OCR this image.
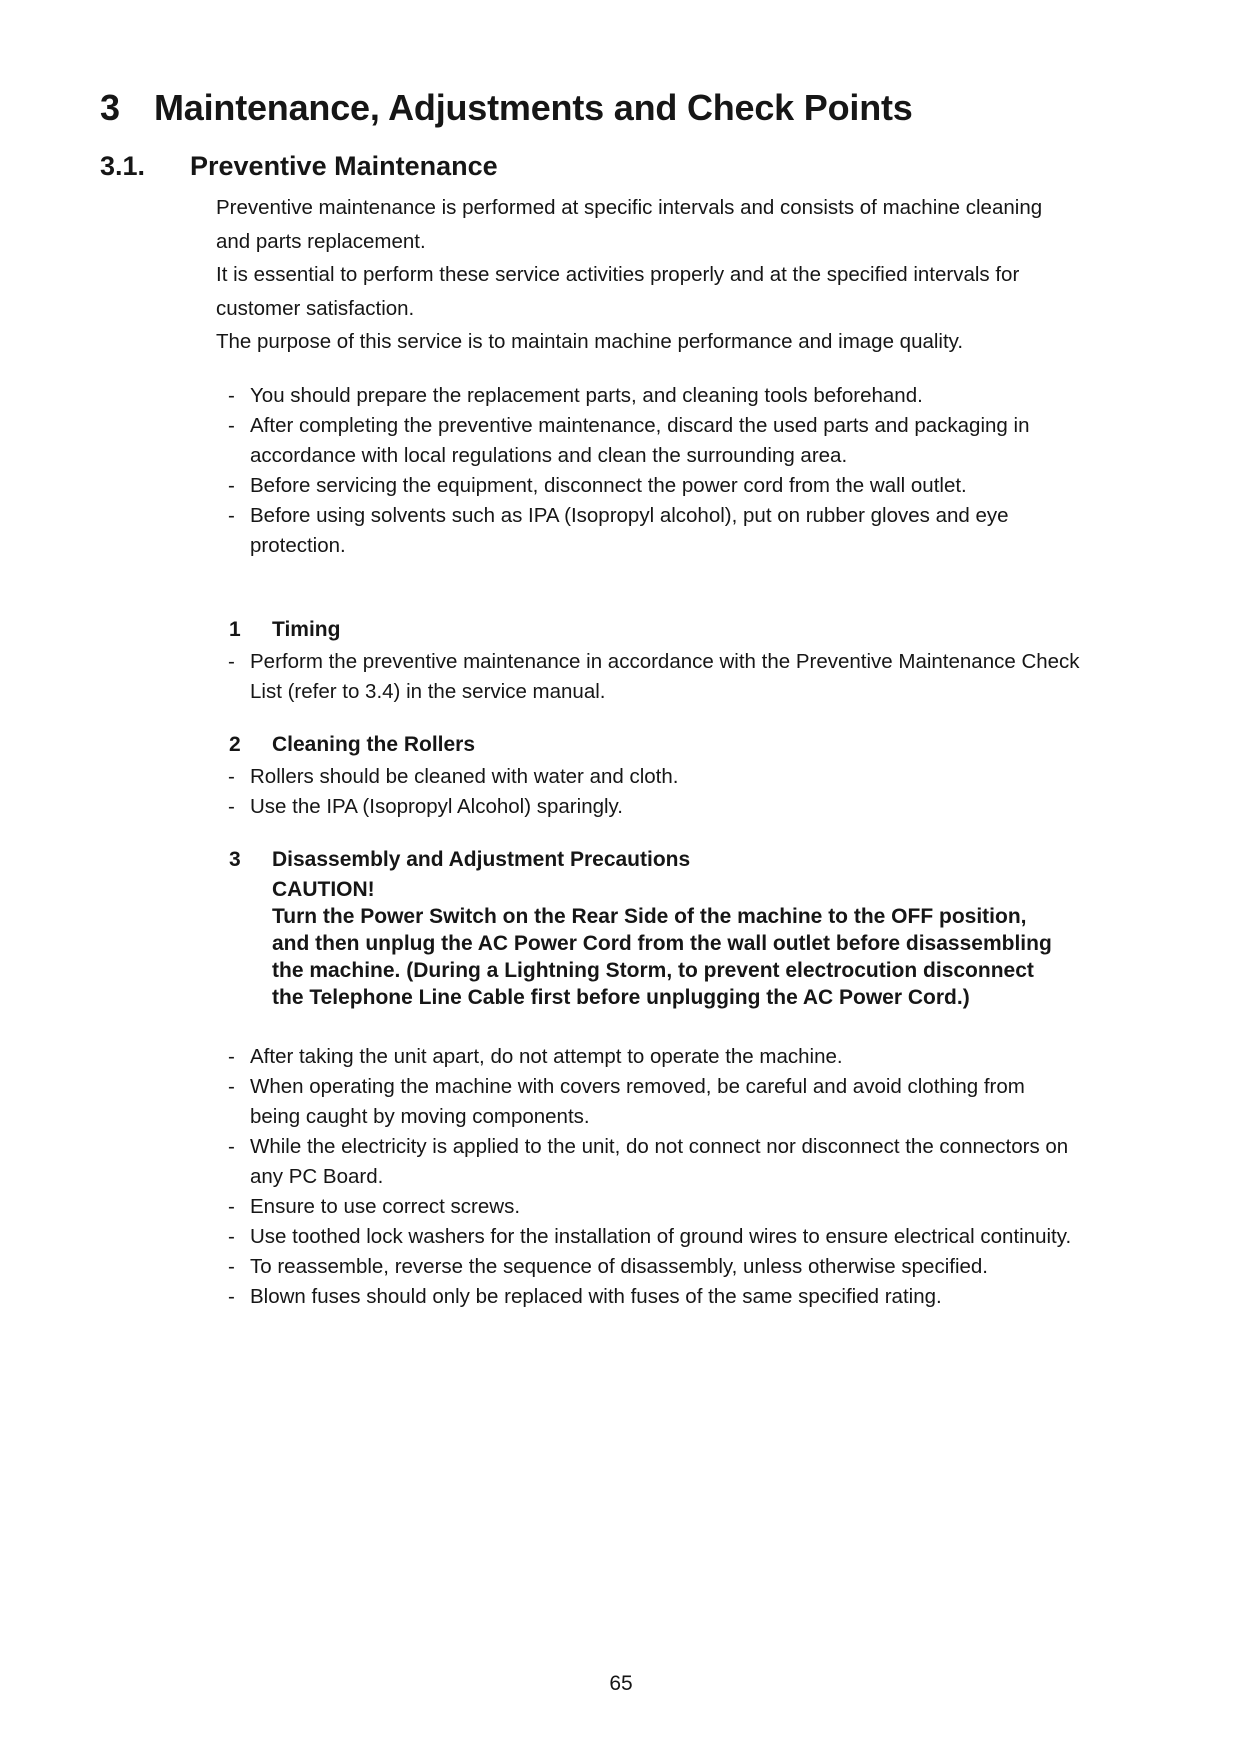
3 Maintenance, Adjustments and Check Points
3.1. Preventive Maintenance

Preventive maintenance is performed at specific intervals and consists of machine cleaning and parts replacement.

It is essential to perform these service activities properly and at the specified intervals for customer satisfaction.

The purpose of this service is to maintain machine performance and image quality.

- You should prepare the replacement parts, and cleaning tools beforehand.
- After completing the preventive maintenance, discard the used parts and packaging in accordance with local regulations and clean the surrounding area.
- Before servicing the equipment, disconnect the power cord from the wall outlet.
- Before using solvents such as IPA (Isopropyl alcohol), put on rubber gloves and eye protection.
1 Timing
- Perform the preventive maintenance in accordance with the Preventive Maintenance Check List (refer to 3.4) in the service manual.
2 Cleaning the Rollers
- Rollers should be cleaned with water and cloth.
- Use the IPA (Isopropyl Alcohol) sparingly.
3 Disassembly and Adjustment Precautions
CAUTION!
Turn the Power Switch on the Rear Side of the machine to the OFF position, and then unplug the AC Power Cord from the wall outlet before disassembling the machine. (During a Lightning Storm, to prevent electrocution disconnect the Telephone Line Cable first before unplugging the AC Power Cord.)
- After taking the unit apart, do not attempt to operate the machine.
- When operating the machine with covers removed, be careful and avoid clothing from being caught by moving components.
- While the electricity is applied to the unit, do not connect nor disconnect the connectors on any PC Board.
- Ensure to use correct screws.
- Use toothed lock washers for the installation of ground wires to ensure electrical continuity.
- To reassemble, reverse the sequence of disassembly, unless otherwise specified.
- Blown fuses should only be replaced with fuses of the same specified rating.
65
